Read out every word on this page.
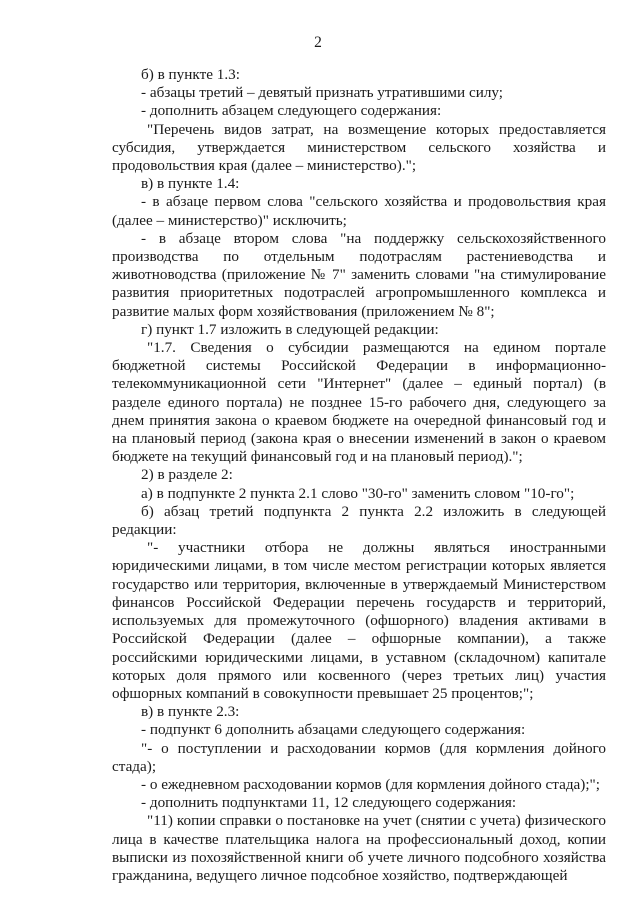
2

б) в пункте 1.3:

- абзацы третий – девятый признать утратившими силу;

- дополнить абзацем следующего содержания:

"Перечень видов затрат, на возмещение которых предоставляется субсидия, утверждается министерством сельского хозяйства и продовольствия края (далее – министерство).";

в) в пункте 1.4:

- в абзаце первом слова "сельского хозяйства и продовольствия края (далее – министерство)" исключить;

- в абзаце втором слова "на поддержку сельскохозяйственного производства по отдельным подотраслям растениеводства и животноводства (приложение № 7" заменить словами "на стимулирование развития приоритетных подотраслей агропромышленного комплекса и развитие малых форм хозяйствования (приложением № 8";

г) пункт 1.7 изложить в следующей редакции:

"1.7. Сведения о субсидии размещаются на едином портале бюджетной системы Российской Федерации в информационно-телекоммуникационной сети "Интернет" (далее – единый портал) (в разделе единого портала) не позднее 15-го рабочего дня, следующего за днем принятия закона о краевом бюджете на очередной финансовый год и на плановый период (закона края о внесении изменений в закон о краевом бюджете на текущий финансовый год и на плановый период).";

2) в разделе 2:

а) в подпункте 2 пункта 2.1 слово "30-го" заменить словом "10-го";

б) абзац третий подпункта 2 пункта 2.2 изложить в следующей редакции:

"- участники отбора не должны являться иностранными юридическими лицами, в том числе местом регистрации которых является государство или территория, включенные в утверждаемый Министерством финансов Российской Федерации перечень государств и территорий, используемых для промежуточного (офшорного) владения активами в Российской Федерации (далее – офшорные компании), а также российскими юридическими лицами, в уставном (складочном) капитале которых доля прямого или косвенного (через третьих лиц) участия офшорных компаний в совокупности превышает 25 процентов;";

в) в пункте 2.3:

- подпункт 6 дополнить абзацами следующего содержания:

"- о поступлении и расходовании кормов (для кормления дойного стада);

- о ежедневном расходовании кормов (для кормления дойного стада);";

- дополнить подпунктами 11, 12 следующего содержания:

"11) копии справки о постановке на учет (снятии с учета) физического лица в качестве плательщика налога на профессиональный доход, копии выписки из похозяйственной книги об учете личного подсобного хозяйства гражданина, ведущего личное подсобное хозяйство, подтверждающей
